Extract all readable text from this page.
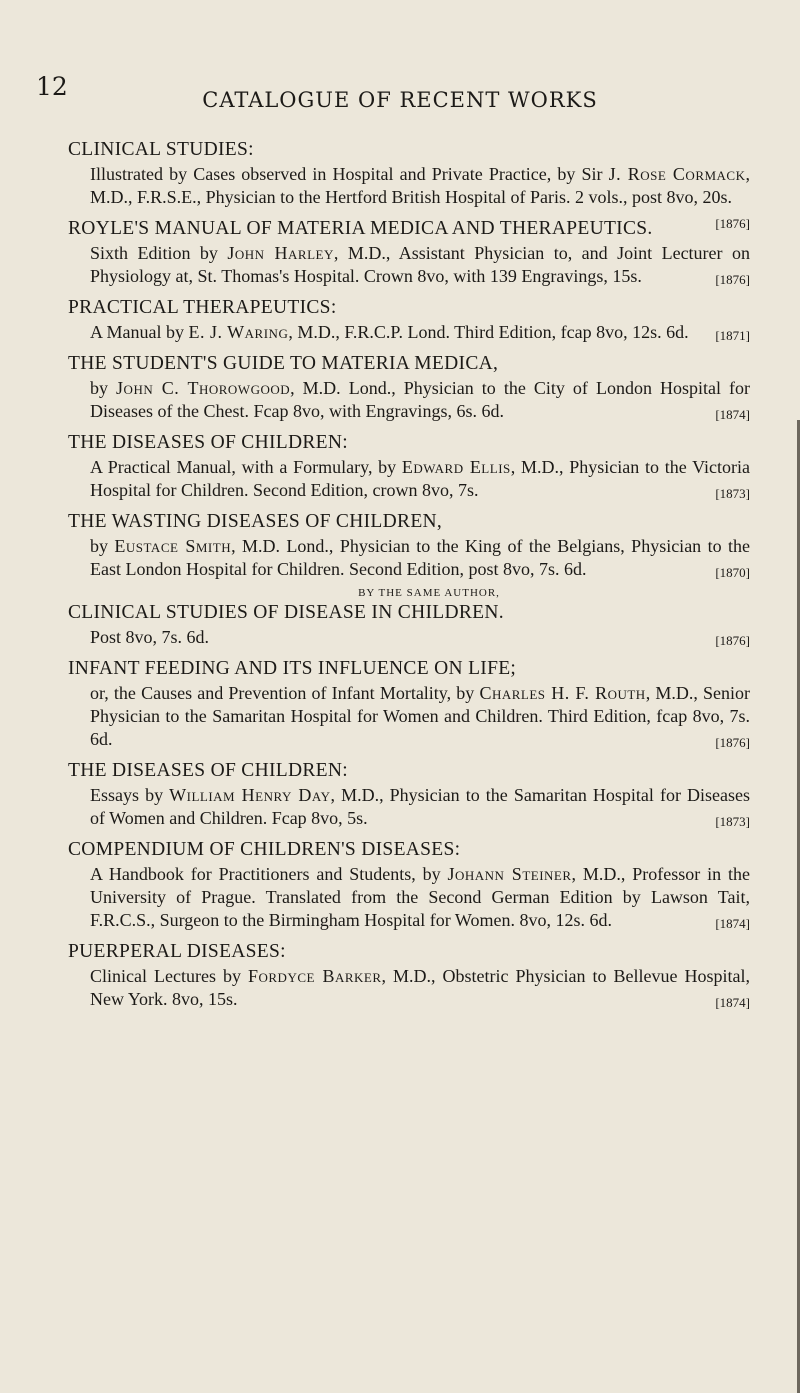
12	CATALOGUE OF RECENT WORKS
CLINICAL STUDIES:
Illustrated by Cases observed in Hospital and Private Practice, by Sir J. Rose Cormack, M.D., F.R.S.E., Physician to the Hertford British Hospital of Paris. 2 vols., post 8vo, 20s.
[1876]
ROYLE'S MANUAL OF MATERIA MEDICA AND THERAPEUTICS.
Sixth Edition by John Harley, M.D., Assistant Physician to, and Joint Lecturer on Physiology at, St. Thomas's Hospital. Crown 8vo, with 139 Engravings, 15s.	[1876]
PRACTICAL THERAPEUTICS:
A Manual by E. J. Waring, M.D., F.R.C.P. Lond. Third Edition, fcap 8vo, 12s. 6d. [1871]
THE STUDENT'S GUIDE TO MATERIA MEDICA,
by John C. Thorowgood, M.D. Lond., Physician to the City of London Hospital for Diseases of the Chest. Fcap 8vo, with Engravings, 6s. 6d.	[1874]
THE DISEASES OF CHILDREN:
A Practical Manual, with a Formulary, by Edward Ellis, M.D., Physician to the Victoria Hospital for Children. Second Edition, crown 8vo, 7s.	[1873]
THE WASTING DISEASES OF CHILDREN,
by Eustace Smith, M.D. Lond., Physician to the King of the Belgians, Physician to the East London Hospital for Children. Second Edition, post 8vo, 7s. 6d.	[1870]
BY THE SAME AUTHOR,
CLINICAL STUDIES OF DISEASE IN CHILDREN.
Post 8vo, 7s. 6d.	[1876]
INFANT FEEDING AND ITS INFLUENCE ON LIFE;
or, the Causes and Prevention of Infant Mortality, by Charles H. F. Routh, M.D., Senior Physician to the Samaritan Hospital for Women and Children. Third Edition, fcap 8vo, 7s. 6d.	[1876]
THE DISEASES OF CHILDREN:
Essays by William Henry Day, M.D., Physician to the Samaritan Hospital for Diseases of Women and Children. Fcap 8vo, 5s.	[1873]
COMPENDIUM OF CHILDREN'S DISEASES:
A Handbook for Practitioners and Students, by Johann Steiner, M.D., Professor in the University of Prague. Translated from the Second German Edition by Lawson Tait, F.R.C.S., Surgeon to the Birmingham Hospital for Women. 8vo, 12s. 6d.	[1874]
PUERPERAL DISEASES:
Clinical Lectures by Fordyce Barker, M.D., Obstetric Physician to Bellevue Hospital, New York. 8vo, 15s.	[1874]
